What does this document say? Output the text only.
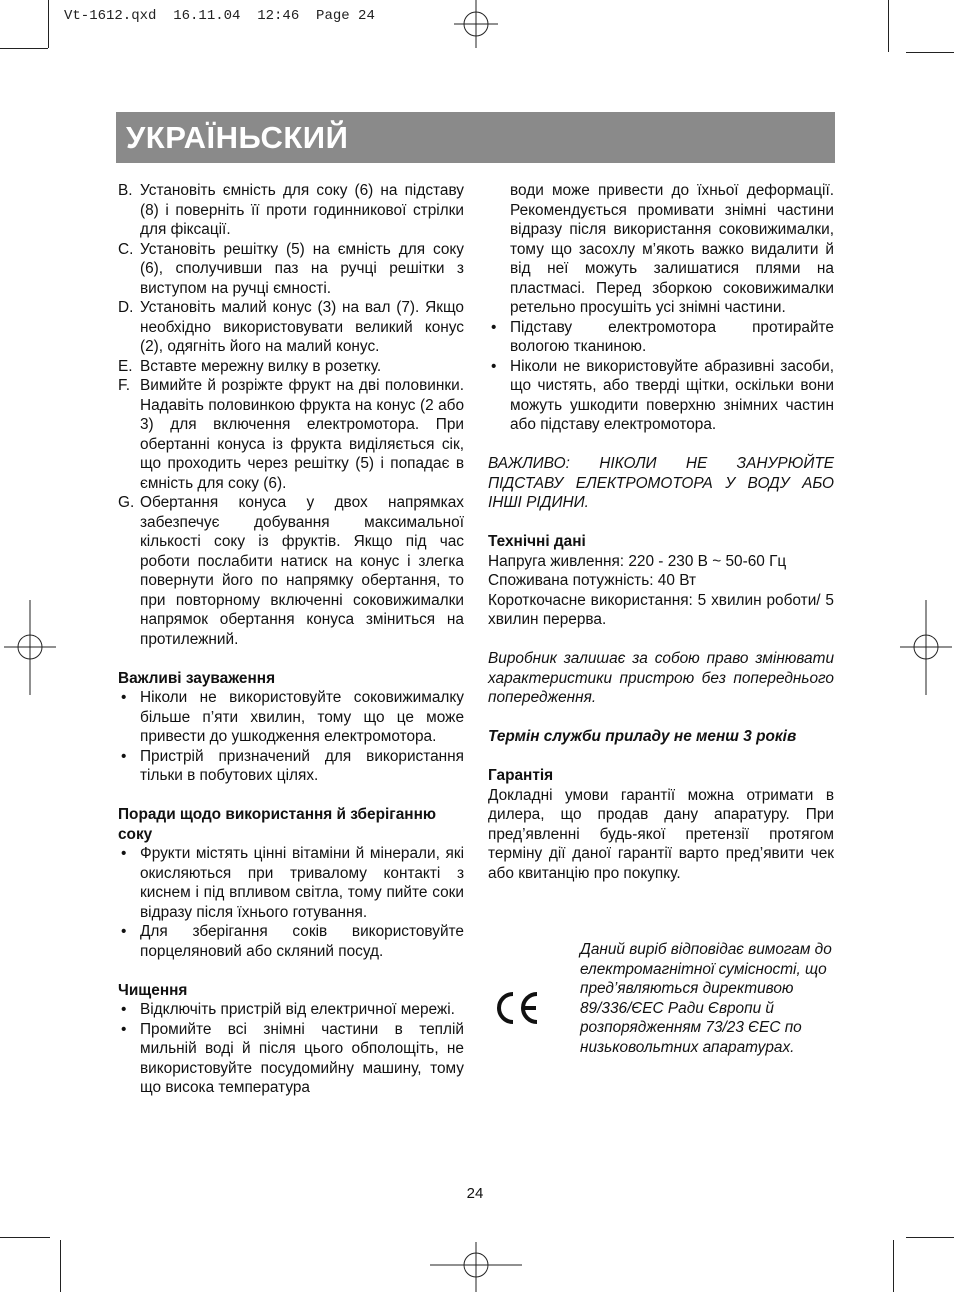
Vt-1612.qxd  16.11.04  12:46  Page 24
УКРАЇНЬСКИЙ
B. Установіть ємність для соку (6) на підставу (8) і поверніть її проти годинникової стрілки для фіксації.
C. Установіть решітку (5) на ємність для соку (6), сполучивши паз на ручці решітки з виступом на ручці ємності.
D. Установіть малий конус (3) на вал (7). Якщо необхідно використовувати великий конус (2), одягніть його на малий конус.
E. Вставте мережну вилку в розетку.
F. Вимийте й розріжте фрукт на дві половинки. Надавіть половинкою фрукта на конус (2 або 3) для включення електромотора. При обертанні конуса із фрукта виділяється сік, що проходить через решітку (5) і попадає в ємність для соку (6).
G. Обертання конуса у двох напрямках забезпечує добування максимальної кількості соку із фруктів. Якщо під час роботи послабити натиск на конус і злегка повернути його по напрямку обертання, то при повторному включенні соковижималки напрямок обертання конуса зміниться на протилежний.

Важливі зауваження

• Ніколи не використовуйте соковижималку більше п’яти хвилин, тому що це може привести до ушкодження електромотора.
• Пристрій призначений для використання тільки в побутових цілях.

Поради щодо використання й зберіганню соку

• Фрукти містять цінні вітаміни й мінерали, які окисляються при тривалому контакті з киснем і під впливом світла, тому пийте соки відразу після їхнього готування.
• Для зберігання соків використовуйте порцеляновий або скляний посуд.

Чищення

• Відключіть пристрій від електричної мережі.
• Промийте всі знімні частини в теплій мильній воді й після цього обполощіть, не використовуйте посудомийну машину, тому що висока температура
води може привести до їхньої деформації. Рекомендується промивати знімні частини відразу після використання соковижималки, тому що засохлу м’якоть важко видалити й від неї можуть залишатися плями на пластмасі. Перед зборкою соковижималки ретельно просушіть усі знімні частини.
• Підставу електромотора протирайте вологою тканиною.
• Ніколи не використовуйте абразивні засоби, що чистять, або тверді щітки, оскільки вони можуть ушкодити поверхню знімних частин або підставу електромотора.

ВАЖЛИВО: НІКОЛИ НЕ ЗАНУРЮЙТЕ ПІДСТАВУ ЕЛЕКТРОМОТОРА У ВОДУ АБО ІНШІ РІДИНИ.

Технічні дані

Напруга живлення: 220 - 230 В ~ 50-60 Гц

Споживана потужність: 40 Вт

Короткочасне використання: 5 хвилин роботи/ 5 хвилин перерва.

Виробник залишає за собою право змінювати характеристики пристрою без попереднього попередження.

Термін служби приладу не менш 3 років

Гарантія

Докладні умови гарантії можна отримати в дилера, що продав дану апаратуру. При пред’явленні будь-якої претензії протягом терміну дії даної гарантії варто пред’явити чек або квитанцію про покупку.

Даний виріб відповідає вимогам до електромагнітної сумісності, що пред’являються директивою 89/336/ЄЕС Ради Європи й розпорядженням 73/23 ЄЕС по низьковольтних апаратурах.
24
